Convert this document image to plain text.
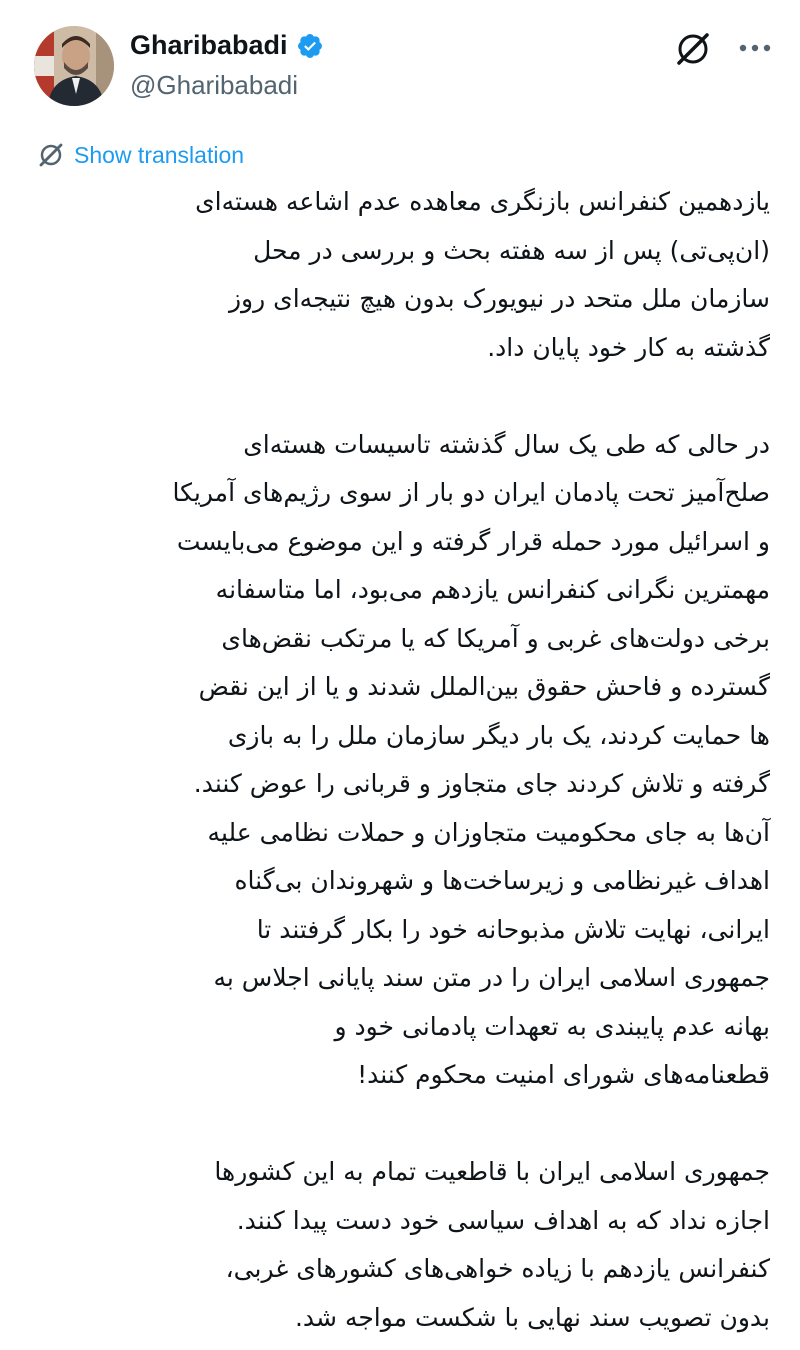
Gharibabadi
@Gharibabadi
Show translation
یازدهمین کنفرانس بازنگری معاهده عدم اشاعه هسته‌ای
(ان‌پی‌تی) پس از سه هفته بحث و بررسی در محل
سازمان ملل متحد در نیویورک بدون هیچ نتیجه‌ای روز
گذشته به کار خود پایان داد.
در حالی که طی یک سال گذشته تاسیسات هسته‌ای
صلح‌آمیز تحت پادمان ایران دو بار از سوی رژیم‌های آمریکا
و اسرائیل مورد حمله قرار گرفته و این موضوع می‌بایست
مهمترین نگرانی کنفرانس یازدهم می‌بود، اما متاسفانه
برخی دولت‌های غربی و آمریکا که یا مرتکب نقض‌های
گسترده و فاحش حقوق بین‌الملل شدند و یا از این نقض
ها حمایت کردند، یک بار دیگر سازمان ملل را به بازی
گرفته و تلاش کردند جای متجاوز و قربانی را عوض کنند.
آن‌ها به جای محکومیت متجاوزان و حملات نظامی علیه
اهداف غیرنظامی و زیرساخت‌ها و شهروندان بی‌گناه
ایرانی، نهایت تلاش مذبوحانه خود را بکار گرفتند تا
جمهوری اسلامی ایران را در متن سند پایانی اجلاس به
بهانه عدم پایبندی به تعهدات پادمانی خود و
قطعنامه‌های شورای امنیت محکوم کنند!
جمهوری اسلامی ایران با قاطعیت تمام به این کشورها
اجازه نداد که به اهداف سیاسی خود دست پیدا کنند.
کنفرانس یازدهم با زیاده خواهی‌های کشورهای غربی،
بدون تصویب سند نهایی با شکست مواجه شد.
